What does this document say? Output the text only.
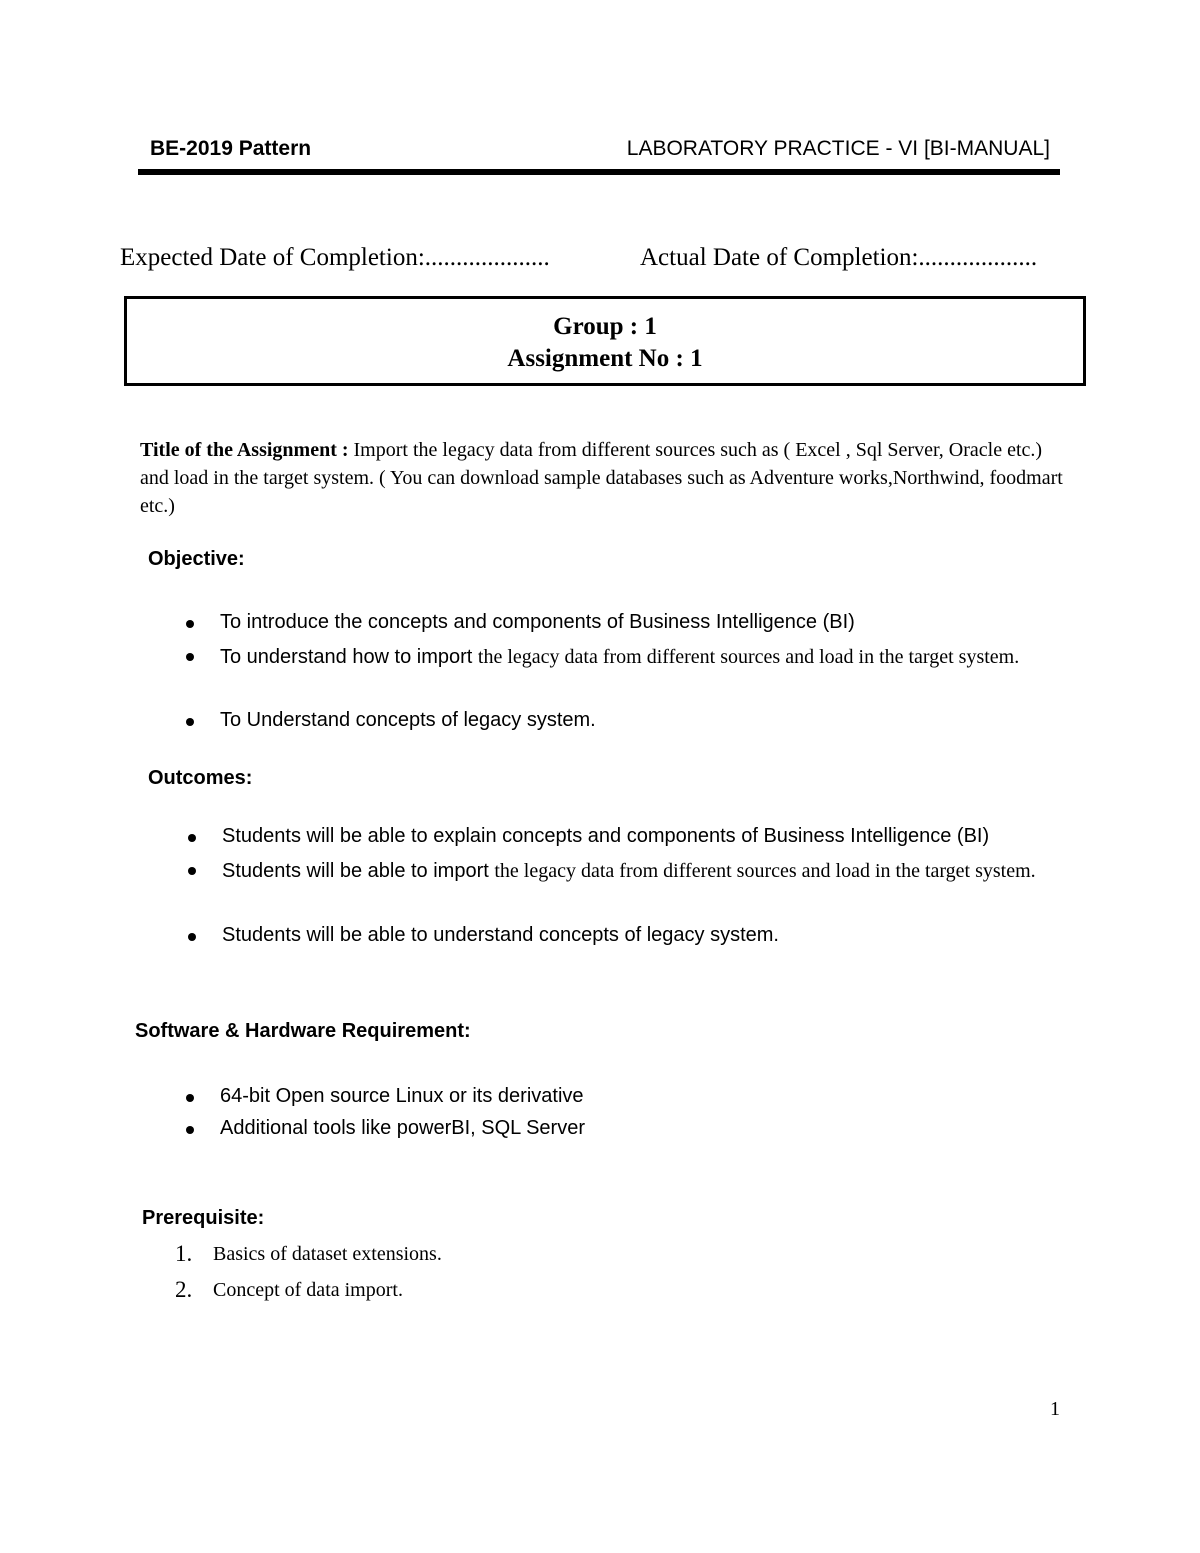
BE-2019 Pattern	LABORATORY PRACTICE - VI [BI-MANUAL]
Expected Date of Completion:....................	Actual Date of Completion:...................
Group : 1
Assignment No : 1
Title of the Assignment : Import the legacy data from different sources such as ( Excel , Sql Server, Oracle etc.) and load in the target system. ( You can download sample databases such as Adventure works,Northwind, foodmart etc.)
Objective:
To introduce the concepts and components of Business Intelligence (BI)
To understand how to import the legacy data from different sources and load in the target system.
To Understand concepts of legacy system.
Outcomes:
Students will be able to explain concepts and components of Business Intelligence (BI)
Students will be able to import the legacy data from different sources and load in the target system.
Students will be able to understand concepts of legacy system.
Software & Hardware Requirement:
64-bit Open source Linux or its derivative
Additional tools like powerBI, SQL Server
Prerequisite:
1. Basics of dataset extensions.
2. Concept of data import.
1
